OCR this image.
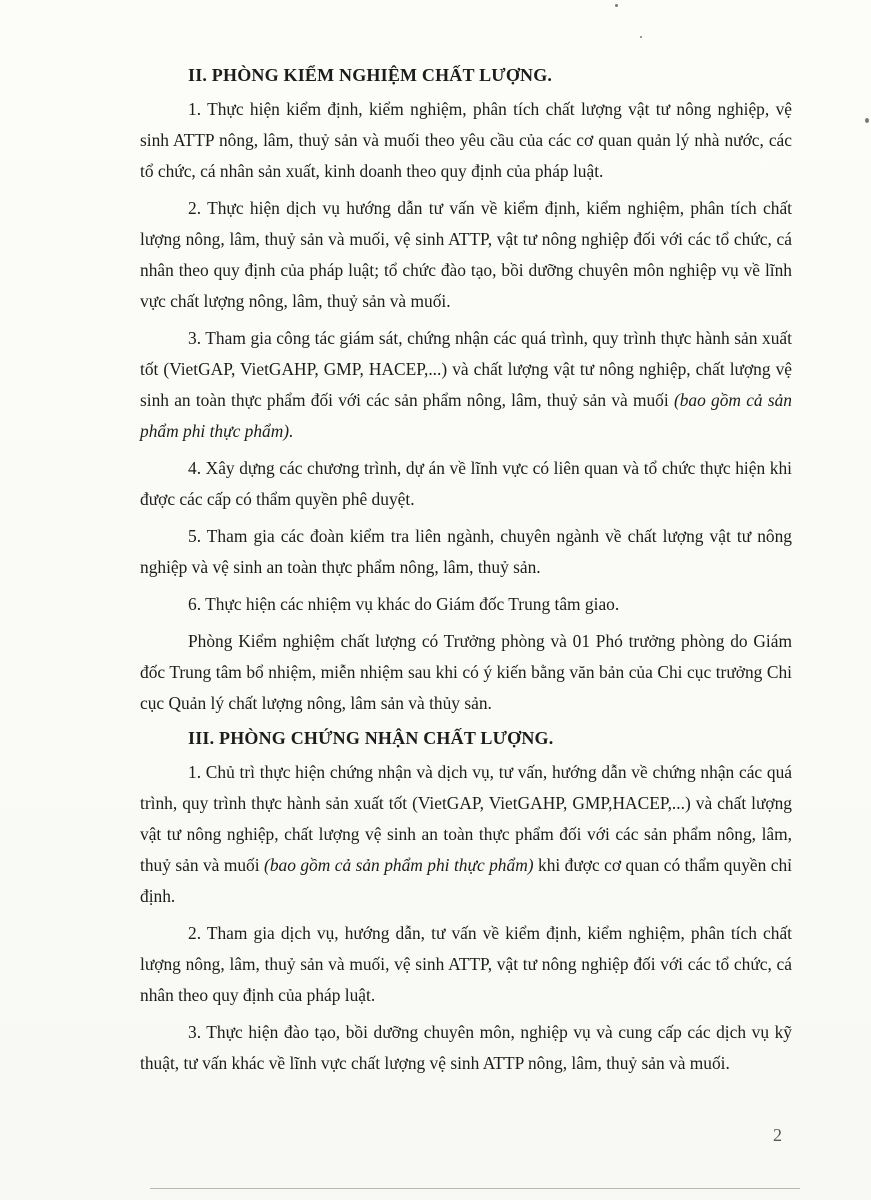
II. PHÒNG KIỂM NGHIỆM CHẤT LƯỢNG.

1. Thực hiện kiểm định, kiểm nghiệm, phân tích chất lượng vật tư nông nghiệp, vệ sinh ATTP nông, lâm, thuỷ sản và muối theo yêu cầu của các cơ quan quản lý nhà nước, các tổ chức, cá nhân sản xuất, kinh doanh theo quy định của pháp luật.

2. Thực hiện dịch vụ hướng dẫn tư vấn về kiểm định, kiểm nghiệm, phân tích chất lượng nông, lâm, thuỷ sản và muối, vệ sinh ATTP, vật tư nông nghiệp đối với các tổ chức, cá nhân theo quy định của pháp luật; tổ chức đào tạo, bồi dưỡng chuyên môn nghiệp vụ về lĩnh vực chất lượng nông, lâm, thuỷ sản và muối.

3. Tham gia công tác giám sát, chứng nhận các quá trình, quy trình thực hành sản xuất tốt (VietGAP, VietGAHP, GMP, HACEP,...) và chất lượng vật tư nông nghiệp, chất lượng vệ sinh an toàn thực phẩm đối với các sản phẩm nông, lâm, thuỷ sản và muối (bao gồm cả sản phẩm phi thực phẩm).

4. Xây dựng các chương trình, dự án về lĩnh vực có liên quan và tổ chức thực hiện khi được các cấp có thẩm quyền phê duyệt.

5. Tham gia các đoàn kiểm tra liên ngành, chuyên ngành về chất lượng vật tư nông nghiệp và vệ sinh an toàn thực phẩm nông, lâm, thuỷ sản.

6. Thực hiện các nhiệm vụ khác do Giám đốc Trung tâm giao.

Phòng Kiểm nghiệm chất lượng có Trưởng phòng và 01 Phó trưởng phòng do Giám đốc Trung tâm bổ nhiệm, miễn nhiệm sau khi có ý kiến bằng văn bản của Chi cục trưởng Chi cục Quản lý chất lượng nông, lâm sản và thủy sản.

III. PHÒNG CHỨNG NHẬN CHẤT LƯỢNG.

1. Chủ trì thực hiện chứng nhận và dịch vụ, tư vấn, hướng dẫn về chứng nhận các quá trình, quy trình thực hành sản xuất tốt (VietGAP, VietGAHP, GMP,HACEP,...) và chất lượng vật tư nông nghiệp, chất lượng vệ sinh an toàn thực phẩm đối với các sản phẩm nông, lâm, thuỷ sản và muối (bao gồm cả sản phẩm phi thực phẩm) khi được cơ quan có thẩm quyền chỉ định.

2. Tham gia dịch vụ, hướng dẫn, tư vấn về kiểm định, kiểm nghiệm, phân tích chất lượng nông, lâm, thuỷ sản và muối, vệ sinh ATTP, vật tư nông nghiệp đối với các tổ chức, cá nhân theo quy định của pháp luật.

3. Thực hiện đào tạo, bồi dưỡng chuyên môn, nghiệp vụ và cung cấp các dịch vụ kỹ thuật, tư vấn khác về lĩnh vực chất lượng vệ sinh ATTP nông, lâm, thuỷ sản và muối.

2
